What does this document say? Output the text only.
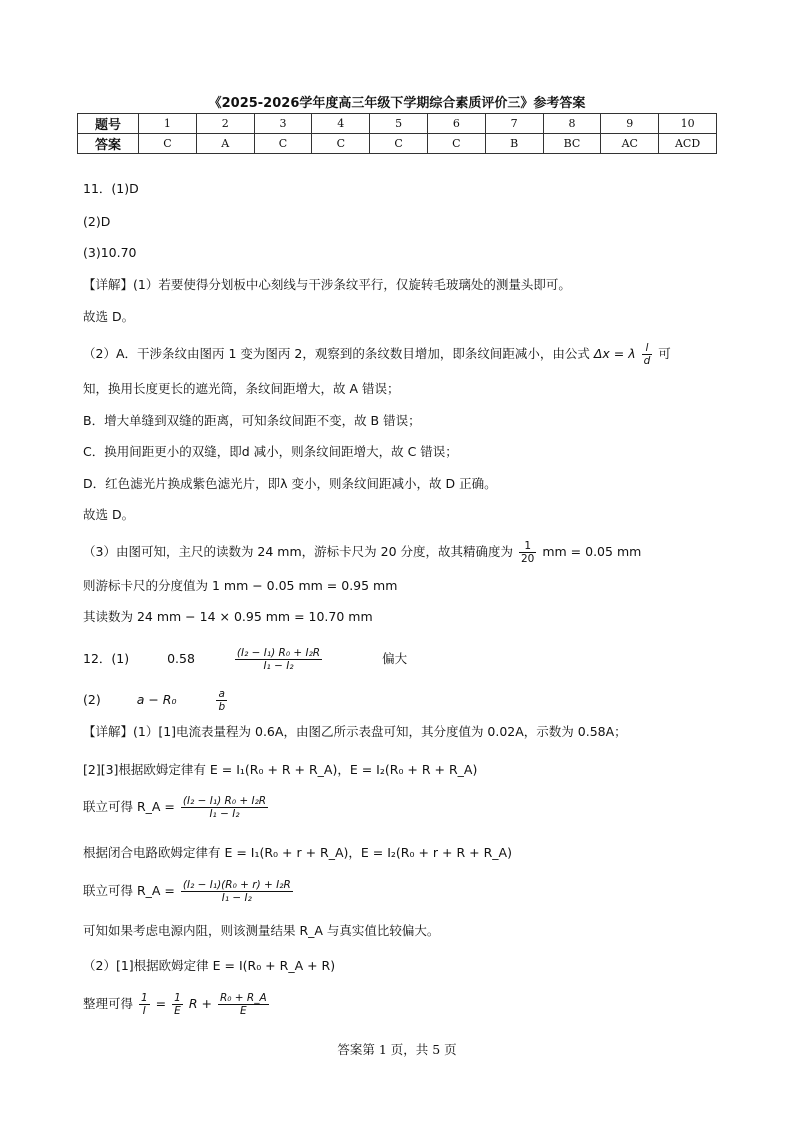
《2025-2026学年度高三年级下学期综合素质评价三》参考答案
题号	1	2	3	4	5	6	7	8	9	10
答案	C	A	C	C	C	C	B	BC	AC	ACD
11．(1)D
(2)D
(3)10.70
【详解】(1）若要使得分划板中心刻线与干涉条纹平行，仅旋转毛玻璃处的测量头即可。
故选 D。
（2）A．干涉条纹由图丙 1 变为图丙 2，观察到的条纹数目增加，即条纹间距减小，由公式 Δx = λ $\frac{l}{d}$ 可
知，换用长度更长的遮光筒，条纹间距增大，故 A 错误；
B．增大单缝到双缝的距离，可知条纹间距不变，故 B 错误；
C．换用间距更小的双缝，即d 减小，则条纹间距增大，故 C 错误；
D．红色滤光片换成紫色滤光片，即λ 变小，则条纹间距减小，故 D 正确。
故选 D。
（3）由图可知，主尺的读数为 24 mm，游标卡尺为 20 分度，故其精确度为 $\frac{1}{20}$ mm = 0.05 mm
则游标卡尺的分度值为 1 mm − 0.05 mm = 0.95 mm
其读数为 24 mm − 14 × 0.95 mm = 10.70 mm
12．(1)	0.58	$\frac{\text{(I₂ − I₁) R₀ + I₂R}}{\text{I₁ − I₂}}$	偏大
(2)	a − R₀	$\frac{a}{b}$
【详解】(1）[1]电流表量程为 0.6A，由图乙所示表盘可知，其分度值为 0.02A，示数为 0.58A；
[2][3]根据欧姆定律有 E = I₁(R₀ + R + R_A)，E = I₂(R₀ + R + R_A)
联立可得 R_A = $\frac{\text{(I₂ − I₁) R₀ + I₂R}}{\text{I₁ − I₂}}$
根据闭合电路欧姆定律有 E = I₁(R₀ + r + R_A)，E = I₂(R₀ + r + R + R_A)
联立可得 R_A = $\frac{\text{(I₂ − I₁)(R₀ + r) + I₂R}}{\text{I₁ − I₂}}$
可知如果考虑电源内阻，则该测量结果 R_A 与真实值比较偏大。
（2）[1]根据欧姆定律 E = I(R₀ + R_A + R)
整理可得 $\frac{1}{I} = \frac{1}{E}$ $R + \frac{\text{R₀ + R\_A}}{E}$
答案第 1 页，共 5 页
